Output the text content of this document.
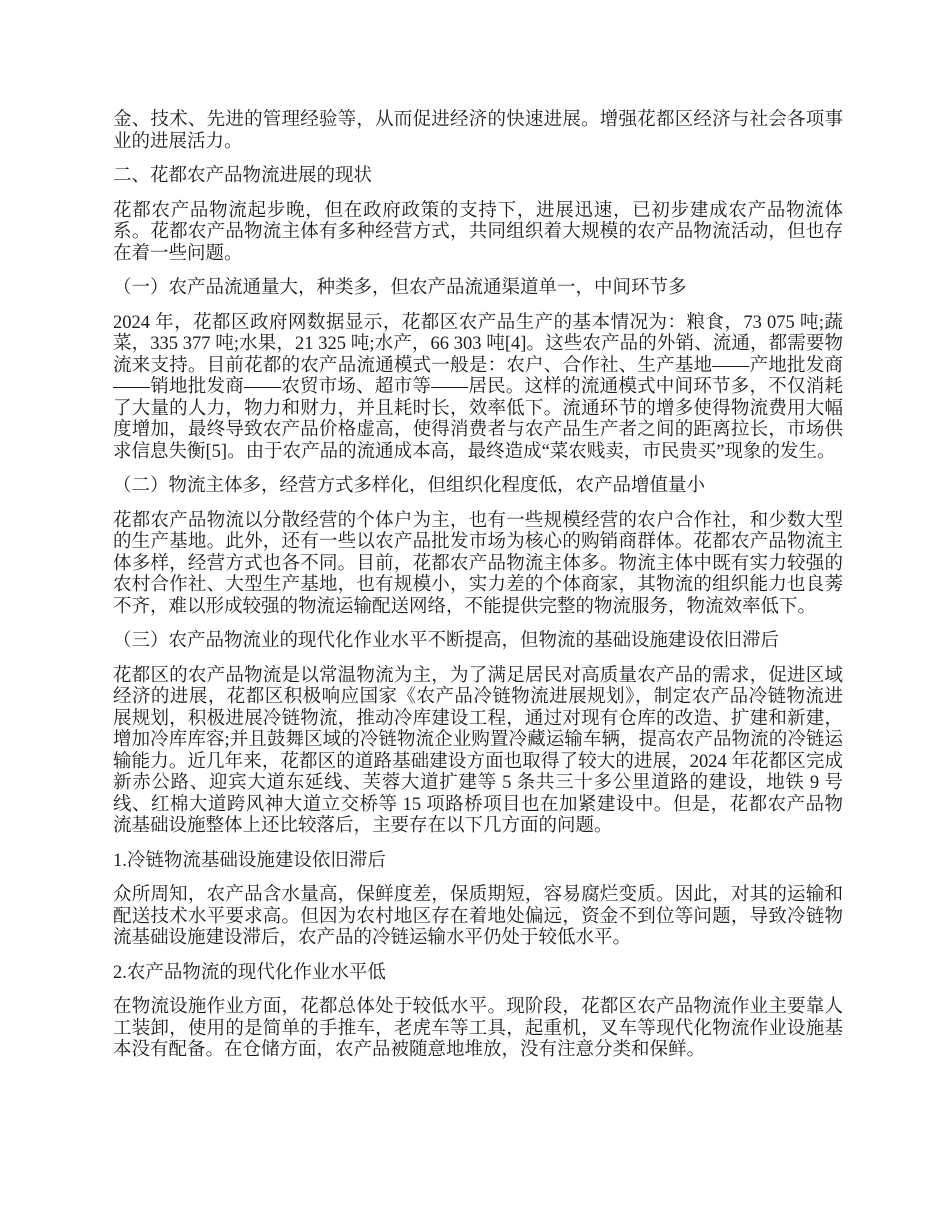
金、技术、先进的管理经验等，从而促进经济的快速进展。增强花都区经济与社会各项事业的进展活力。

二、花都农产品物流进展的现状

花都农产品物流起步晚，但在政府政策的支持下，进展迅速，已初步建成农产品物流体系。花都农产品物流主体有多种经营方式，共同组织着大规模的农产品物流活动，但也存在着一些问题。

（一）农产品流通量大，种类多，但农产品流通渠道单一，中间环节多

2024 年，花都区政府网数据显示，花都区农产品生产的基本情况为：粮食，73 075 吨;蔬菜，335 377 吨;水果，21 325 吨;水产，66 303 吨[4]。这些农产品的外销、流通，都需要物流来支持。目前花都的农产品流通模式一般是：农户、合作社、生产基地——产地批发商——销地批发商——农贸市场、超市等——居民。这样的流通模式中间环节多，不仅消耗了大量的人力，物力和财力，并且耗时长，效率低下。流通环节的增多使得物流费用大幅度增加，最终导致农产品价格虚高，使得消费者与农产品生产者之间的距离拉长，市场供求信息失衡[5]。由于农产品的流通成本高，最终造成“菜农贱卖，市民贵买”现象的发生。

（二）物流主体多，经营方式多样化，但组织化程度低，农产品增值量小

花都农产品物流以分散经营的个体户为主，也有一些规模经营的农户合作社，和少数大型的生产基地。此外，还有一些以农产品批发市场为核心的购销商群体。花都农产品物流主体多样，经营方式也各不同。目前，花都农产品物流主体多。物流主体中既有实力较强的农村合作社、大型生产基地，也有规模小，实力差的个体商家，其物流的组织能力也良莠不齐，难以形成较强的物流运输配送网络，不能提供完整的物流服务，物流效率低下。

（三）农产品物流业的现代化作业水平不断提高，但物流的基础设施建设依旧滞后

花都区的农产品物流是以常温物流为主，为了满足居民对高质量农产品的需求，促进区域经济的进展，花都区积极响应国家《农产品冷链物流进展规划》，制定农产品冷链物流进展规划，积极进展冷链物流，推动冷库建设工程，通过对现有仓库的改造、扩建和新建，增加冷库库容;并且鼓舞区域的冷链物流企业购置冷藏运输车辆，提高农产品物流的冷链运输能力。近几年来，花都区的道路基础建设方面也取得了较大的进展，2024 年花都区完成新赤公路、迎宾大道东延线、芙蓉大道扩建等 5 条共三十多公里道路的建设，地铁 9 号线、红棉大道跨风神大道立交桥等 15 项路桥项目也在加紧建设中。但是，花都农产品物流基础设施整体上还比较落后，主要存在以下几方面的问题。

1.冷链物流基础设施建设依旧滞后

众所周知，农产品含水量高，保鲜度差，保质期短，容易腐烂变质。因此，对其的运输和配送技术水平要求高。但因为农村地区存在着地处偏远，资金不到位等问题，导致冷链物流基础设施建设滞后，农产品的冷链运输水平仍处于较低水平。

2.农产品物流的现代化作业水平低

在物流设施作业方面，花都总体处于较低水平。现阶段，花都区农产品物流作业主要靠人工装卸，使用的是简单的手推车，老虎车等工具，起重机，叉车等现代化物流作业设施基本没有配备。在仓储方面，农产品被随意地堆放，没有注意分类和保鲜。
